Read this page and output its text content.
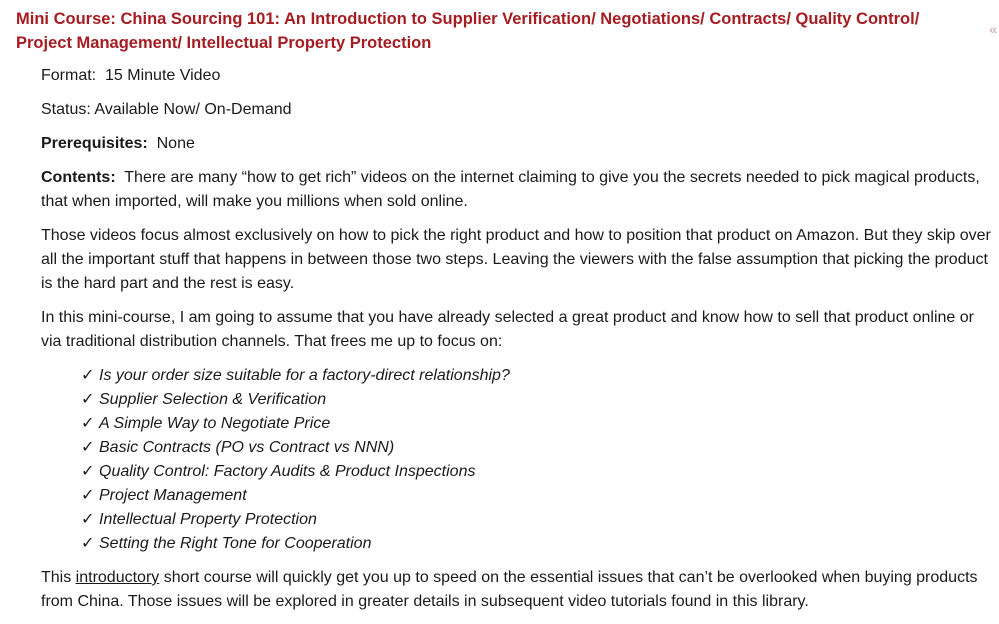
Mini Course: China Sourcing 101: An Introduction to Supplier Verification/ Negotiations/ Contracts/ Quality Control/ Project Management/ Intellectual Property Protection
«

Format: 15 Minute Video

Status: Available Now/ On-Demand

Prerequisites: None

Contents: There are many “how to get rich” videos on the internet claiming to give you the secrets needed to pick magical products, that when imported, will make you millions when sold online.

Those videos focus almost exclusively on how to pick the right product and how to position that product on Amazon. But they skip over all the important stuff that happens in between those two steps. Leaving the viewers with the false assumption that picking the product is the hard part and the rest is easy.

In this mini-course, I am going to assume that you have already selected a great product and know how to sell that product online or via traditional distribution channels. That frees me up to focus on:

✓ Is your order size suitable for a factory-direct relationship?
✓ Supplier Selection & Verification
✓ A Simple Way to Negotiate Price
✓ Basic Contracts (PO vs Contract vs NNN)
✓ Quality Control: Factory Audits & Product Inspections
✓ Project Management
✓ Intellectual Property Protection
✓ Setting the Right Tone for Cooperation

This introductory short course will quickly get you up to speed on the essential issues that can’t be overlooked when buying products from China. Those issues will be explored in greater details in subsequent video tutorials found in this library.
